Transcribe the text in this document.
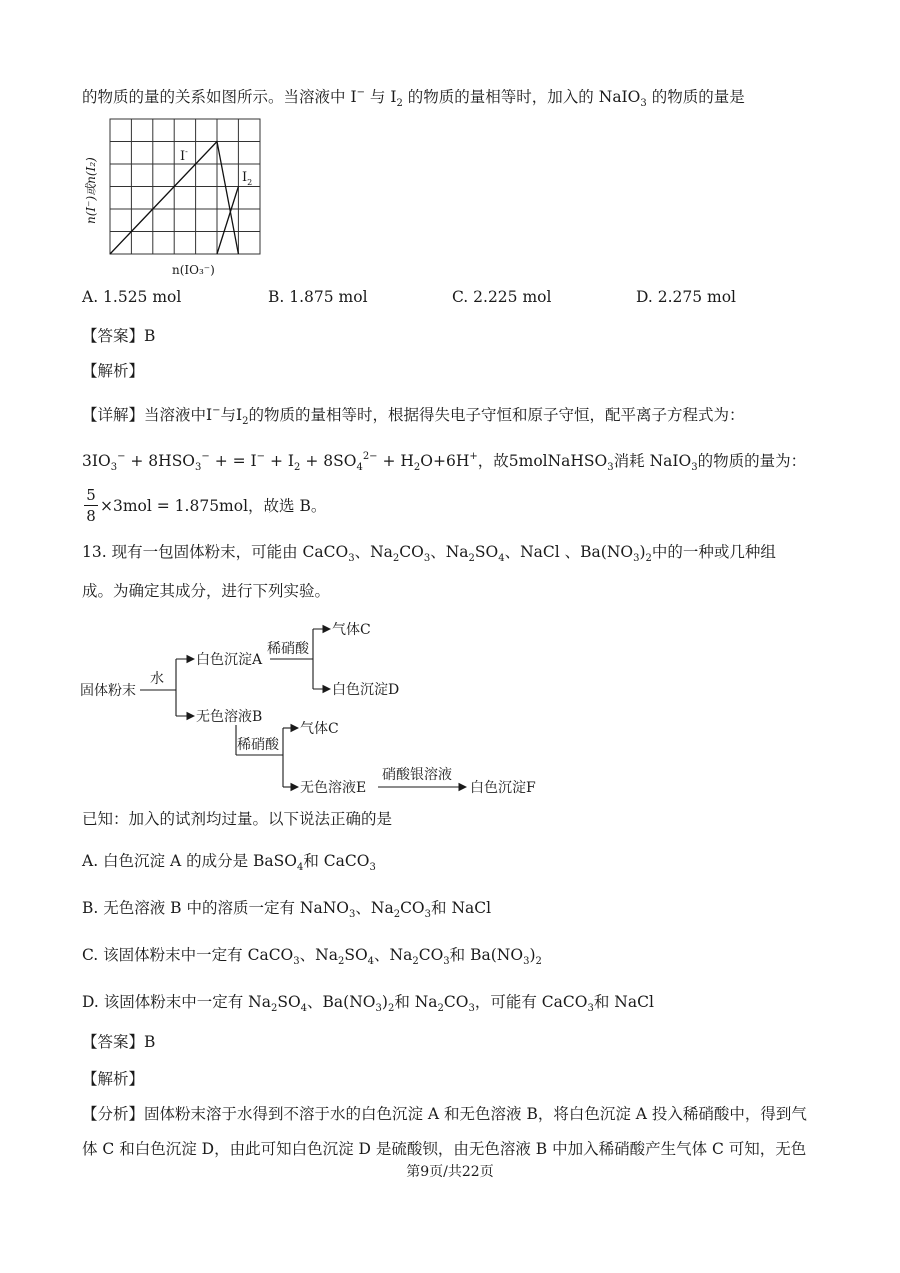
的物质的量的关系如图所示。当溶液中 I− 与 $I_2$ 的物质的量相等时，加入的 NaIO$_3$ 的物质的量是
I-
$I_2$
n(I⁻)或n(I₂)
n(IO₃⁻)
A. 1.525 mol	B. 1.875 mol	C. 2.225 mol	D. 2.275 mol
【答案】B
【解析】
【详解】当溶液中I−与$I_2$的物质的量相等时，根据得失电子守恒和原子守恒，配平离子方程式为：
$3IO_3^- + 8HSO_3^-$ + = $I^- + I_2 + 8SO_4^{2-} + H_2O+6H^+$，故5molNaHSO$_3$消耗 NaIO$_3$的物质的量为：
5
8
×3mol = 1.875mol，故选 B。
13. 现有一包固体粉末，可能由 CaCO$_3$、$Na_2CO_3$、$Na_2SO_4$、NaCl 、$Ba(NO_3)_2$中的一种或几种组
成。为确定其成分，进行下列实验。
固体粉末
水
白色沉淀A
稀硝酸
气体C
白色沉淀D
无色溶液B
稀硝酸
气体C
无色溶液E
硝酸银溶液
白色沉淀F
已知：加入的试剂均过量。以下说法正确的是
A. 白色沉淀 A 的成分是 BaSO$_4$和 CaCO$_3$
B. 无色溶液 B 中的溶质一定有 NaNO$_3$、$Na_2CO_3$和 NaCl
C. 该固体粉末中一定有 CaCO$_3$、$Na_2SO_4$、$Na_2CO_3$和 $Ba(NO_3)_2$
D. 该固体粉末中一定有 $Na_2SO_4$、$Ba(NO_3)_2$和 $Na_2CO_3$，可能有 CaCO$_3$和 NaCl
【答案】B
【解析】
【分析】固体粉末溶于水得到不溶于水的白色沉淀 A 和无色溶液 B，将白色沉淀 A 投入稀硝酸中，得到气
体 C 和白色沉淀 D，由此可知白色沉淀 D 是硫酸钡，由无色溶液 B 中加入稀硝酸产生气体 C 可知，无色
第9页/共22页
